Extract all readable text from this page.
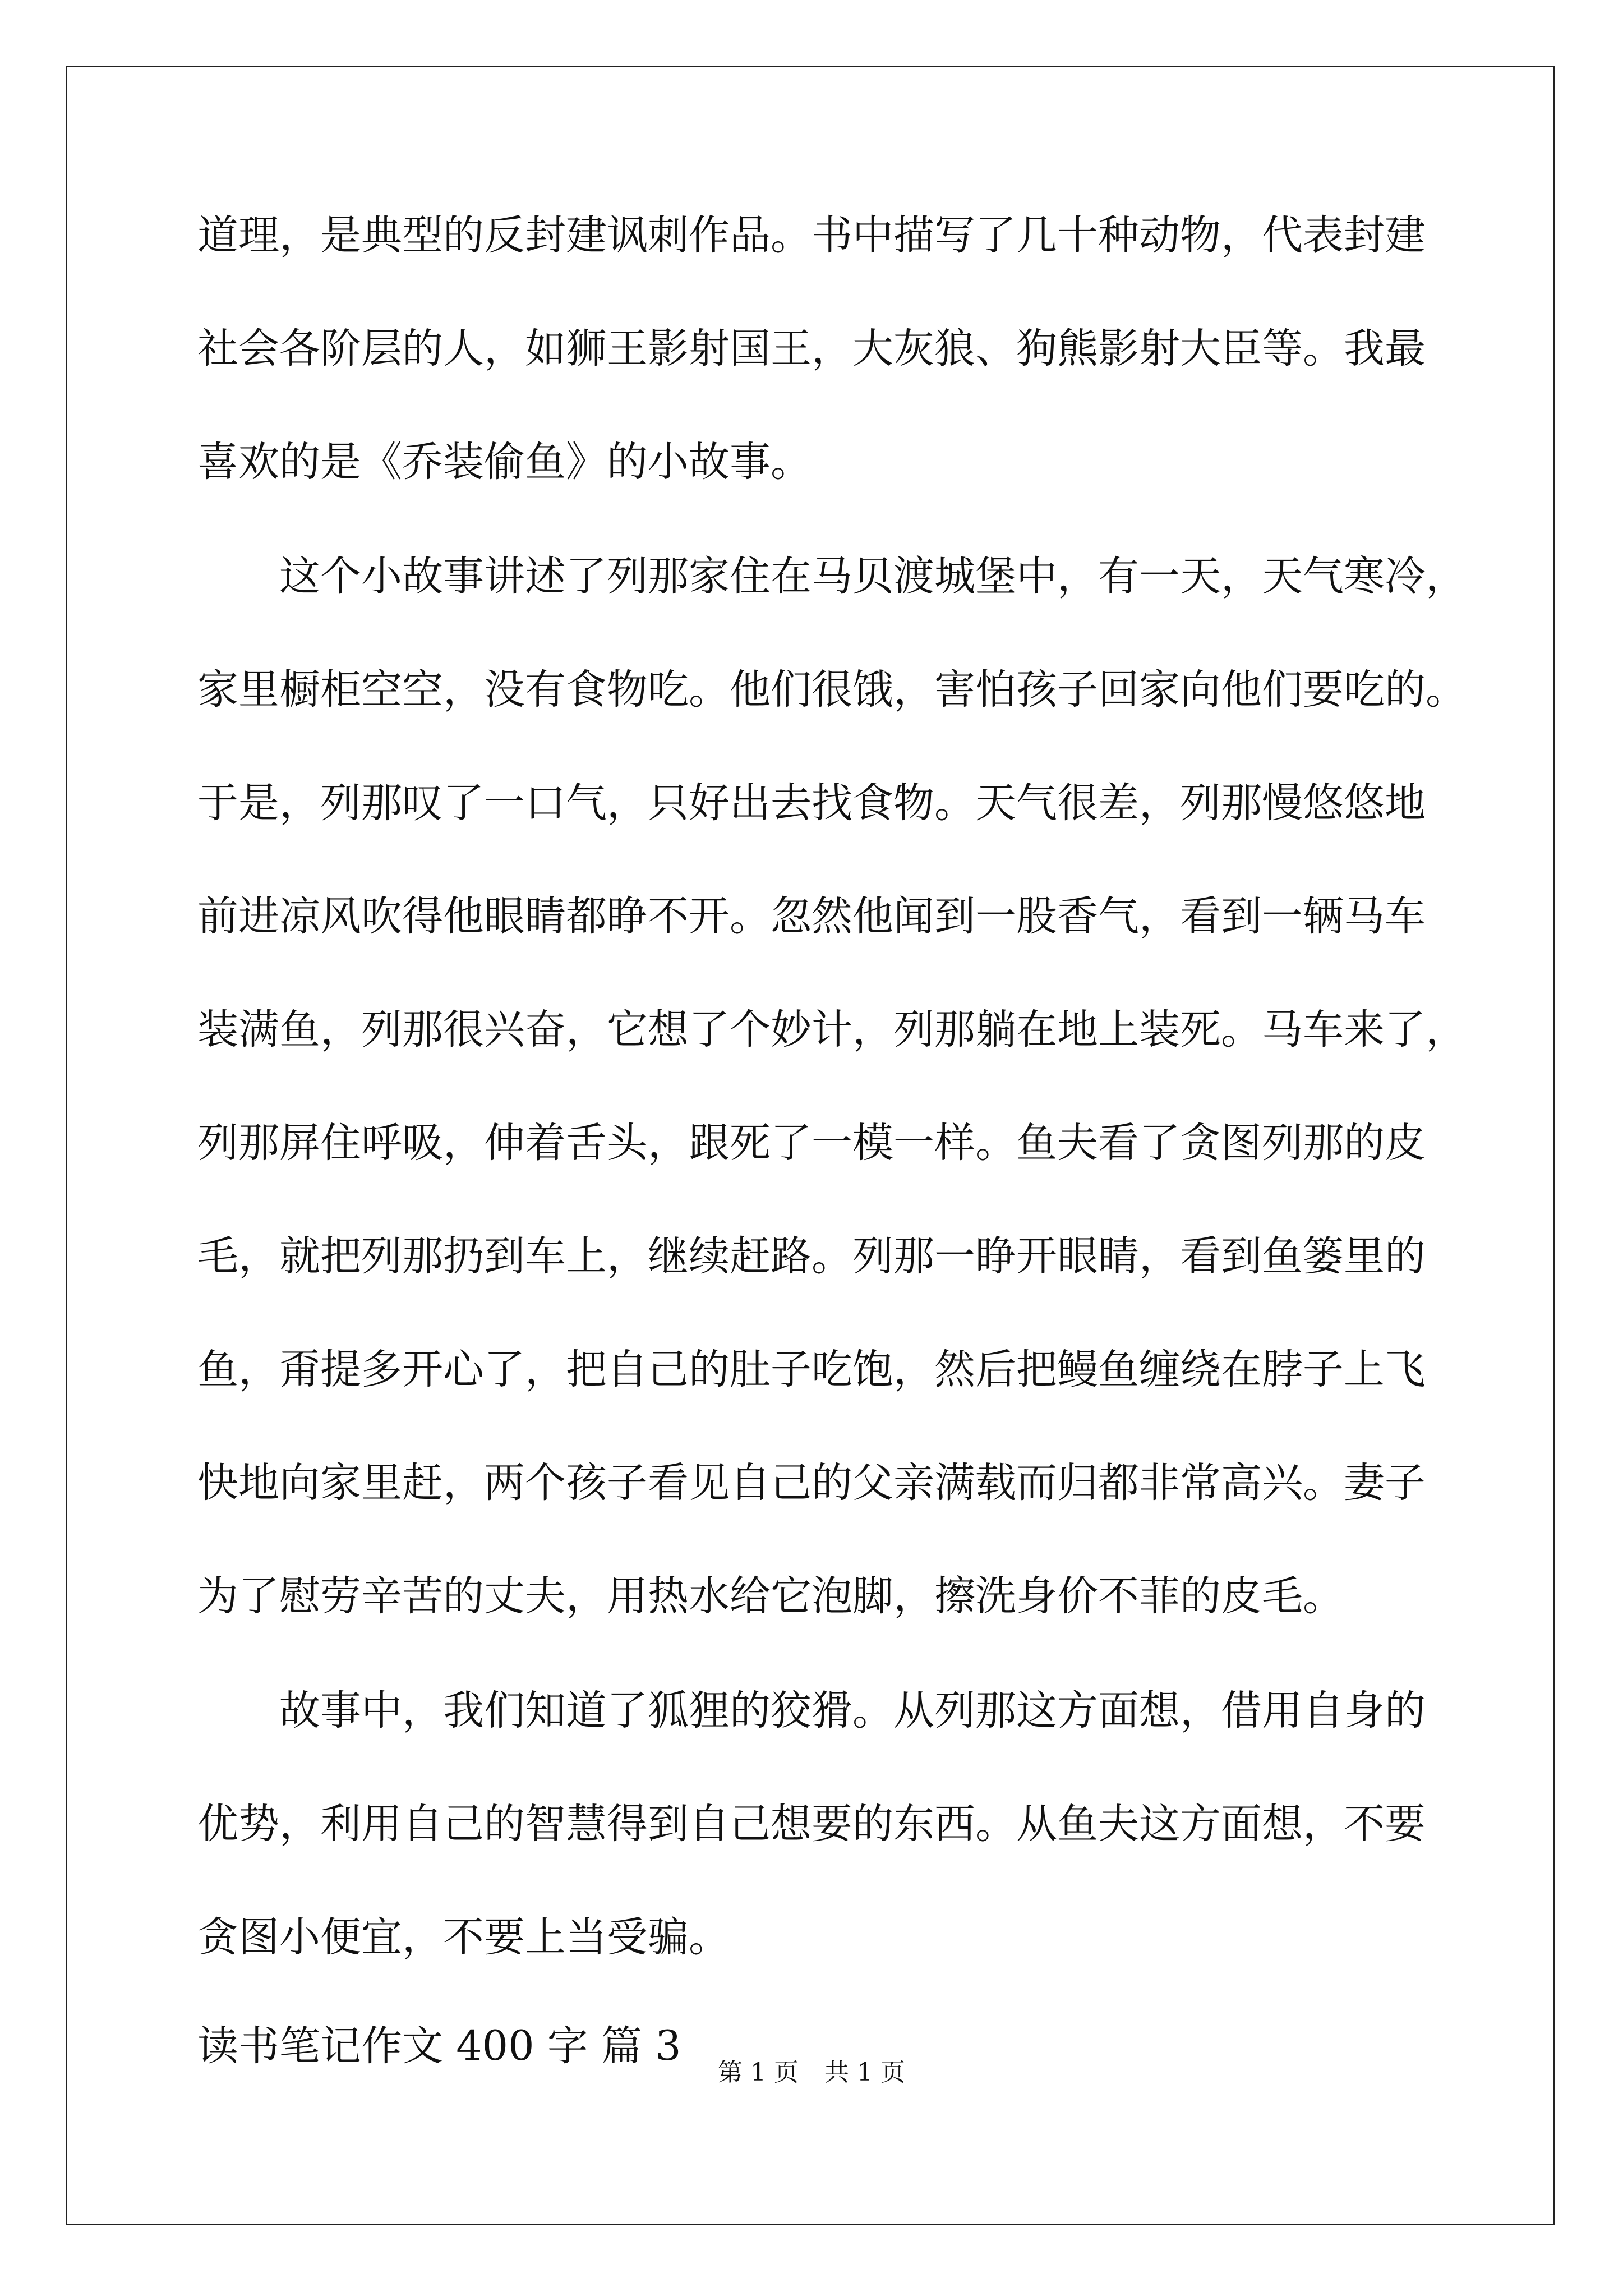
道理，是典型的反封建讽刺作品。书中描写了几十种动物，代表封建
社会各阶层的人，如狮王影射国王，大灰狼、狗熊影射大臣等。我最
喜欢的是《乔装偷鱼》的小故事。
这个小故事讲述了列那家住在马贝渡城堡中，有一天，天气寒冷，
家里橱柜空空，没有食物吃。他们很饿，害怕孩子回家向他们要吃的。
于是，列那叹了一口气，只好出去找食物。天气很差，列那慢悠悠地
前进凉风吹得他眼睛都睁不开。忽然他闻到一股香气，看到一辆马车
装满鱼，列那很兴奋，它想了个妙计，列那躺在地上装死。马车来了，
列那屏住呼吸，伸着舌头，跟死了一模一样。鱼夫看了贪图列那的皮
毛，就把列那扔到车上，继续赶路。列那一睁开眼睛，看到鱼篓里的
鱼，甭提多开心了，把自己的肚子吃饱，然后把鳗鱼缠绕在脖子上飞
快地向家里赶，两个孩子看见自己的父亲满载而归都非常高兴。妻子
为了慰劳辛苦的丈夫，用热水给它泡脚，擦洗身价不菲的皮毛。
故事中，我们知道了狐狸的狡猾。从列那这方面想，借用自身的
优势，利用自己的智慧得到自己想要的东西。从鱼夫这方面想，不要
贪图小便宜，不要上当受骗。
读书笔记作文 400 字 篇 3
第 1 页 共 1 页
